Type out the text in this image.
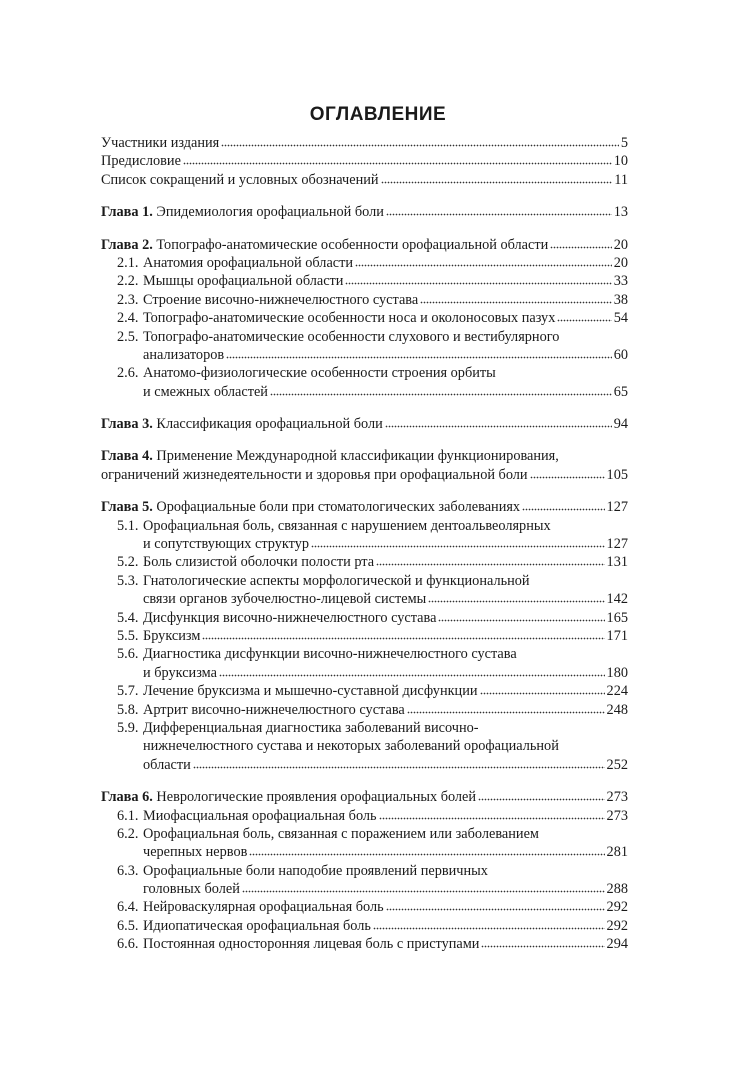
ОГЛАВЛЕНИЕ
Участники издания	5
Предисловие	10
Список сокращений и условных обозначений	11
Глава 1. Эпидемиология орофациальной боли	13
Глава 2. Топографо-анатомические особенности орофациальной области	20
2.1. Анатомия орофациальной области	20
2.2. Мышцы орофациальной области	33
2.3. Строение височно-нижнечелюстного сустава	38
2.4. Топографо-анатомические особенности носа и околоносовых пазух	54
2.5. Топографо-анатомические особенности слухового и вестибулярного
анализаторов	60
2.6. Анатомо-физиологические особенности строения орбиты
и смежных областей	65
Глава 3. Классификация орофациальной боли	94
Глава 4. Применение Международной классификации функционирования,
ограничений жизнедеятельности и здоровья при орофациальной боли	105
Глава 5. Орофациальные боли при стоматологических заболеваниях	127
5.1. Орофациальная боль, связанная с нарушением дентоальвеолярных
и сопутствующих структур	127
5.2. Боль слизистой оболочки полости рта	131
5.3. Гнатологические аспекты морфологической и функциональной
связи органов зубочелюстно-лицевой системы	142
5.4. Дисфункция височно-нижнечелюстного сустава	165
5.5. Бруксизм	171
5.6. Диагностика дисфункции височно-нижнечелюстного сустава
и бруксизма	180
5.7. Лечение бруксизма и мышечно-суставной дисфункции	224
5.8. Артрит височно-нижнечелюстного сустава	248
5.9. Дифференциальная диагностика заболеваний височно-
нижнечелюстного сустава и некоторых заболеваний орофациальной
области	252
Глава 6. Неврологические проявления орофациальных болей	273
6.1. Миофасциальная орофациальная боль	273
6.2. Орофациальная боль, связанная с поражением или заболеванием
черепных нервов	281
6.3. Орофациальные боли наподобие проявлений первичных
головных болей	288
6.4. Нейроваскулярная орофациальная боль	292
6.5. Идиопатическая орофациальная боль	292
6.6. Постоянная односторонняя лицевая боль с приступами	294
